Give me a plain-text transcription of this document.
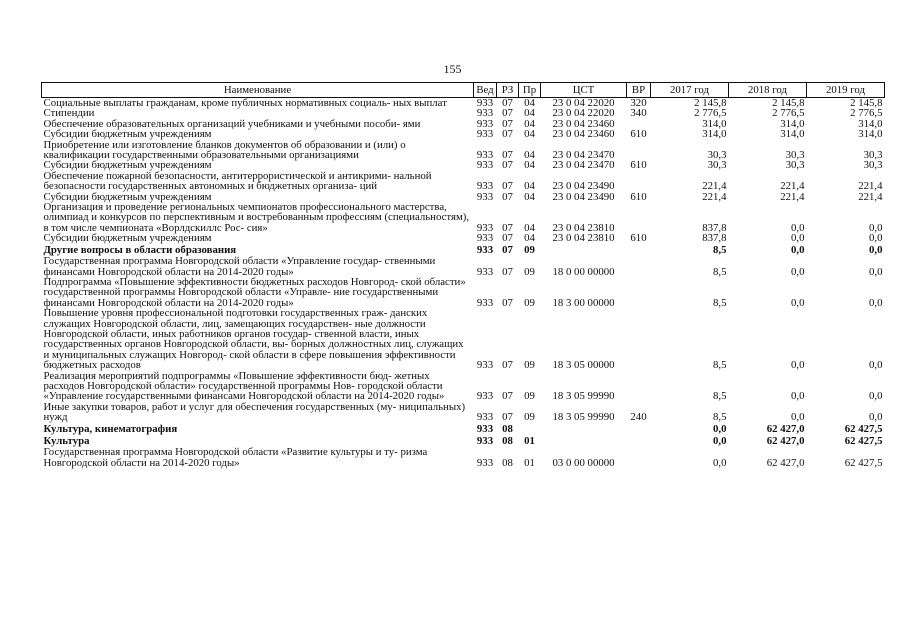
155
Наименование	Вед	РЗ	Пр	ЦСТ	ВР	2017 год	2018 год	2019 год
Социальные выплаты гражданам, кроме публичных нормативных социаль- ных выплат	933	07	04	23 0 04 22020	320	2 145,8	2 145,8	2 145,8
Стипендии	933	07	04	23 0 04 22020	340	2 776,5	2 776,5	2 776,5
Обеспечение образовательных организаций учебниками и учебными пособи- ями	933	07	04	23 0 04 23460		314,0	314,0	314,0
Субсидии бюджетным учреждениям	933	07	04	23 0 04 23460	610	314,0	314,0	314,0
Приобретение или изготовление бланков документов об образовании и (или) о квалификации государственными образовательными организациями	933	07	04	23 0 04 23470		30,3	30,3	30,3
Субсидии бюджетным учреждениям	933	07	04	23 0 04 23470	610	30,3	30,3	30,3
Обеспечение пожарной безопасности, антитеррористической и антикрими- нальной безопасности государственных автономных и бюджетных организа- ций	933	07	04	23 0 04 23490		221,4	221,4	221,4
Субсидии бюджетным учреждениям	933	07	04	23 0 04 23490	610	221,4	221,4	221,4
Организация и проведение региональных чемпионатов профессионального мастерства, олимпиад и конкурсов по перспективным и востребованным профессиям (специальностям), в том числе чемпионата «Ворлдскиллс Рос- сия»	933	07	04	23 0 04 23810		837,8	0,0	0,0
Субсидии бюджетным учреждениям	933	07	04	23 0 04 23810	610	837,8	0,0	0,0
Другие вопросы в области образования	933	07	09			8,5	0,0	0,0
Государственная программа Новгородской области «Управление государ- ственными финансами Новгородской области на 2014-2020 годы»	933	07	09	18 0 00 00000		8,5	0,0	0,0
Подпрограмма «Повышение эффективности бюджетных расходов Новгород- ской области» государственной программы Новгородской области «Управле- ние государственными финансами Новгородской области на 2014-2020 годы»	933	07	09	18 3 00 00000		8,5	0,0	0,0
Повышение уровня профессиональной подготовки государственных граж- данских служащих Новгородской области, лиц, замещающих государствен- ные должности Новгородской области, иных работников органов государ- ственной власти, иных государственных органов Новгородской области, вы- борных должностных лиц, служащих и муниципальных служащих Новгород- ской области в сфере повышения эффективности бюджетных расходов	933	07	09	18 3 05 00000		8,5	0,0	0,0
Реализация мероприятий подпрограммы «Повышение эффективности бюд- жетных расходов Новгородской области» государственной программы Нов- городской области «Управление государственными финансами Новгородской области на 2014-2020 годы»	933	07	09	18 3 05 99990		8,5	0,0	0,0
Иные закупки товаров, работ и услуг для обеспечения государственных (му- ниципальных) нужд	933	07	09	18 3 05 99990	240	8,5	0,0	0,0
Культура, кинематография	933	08				0,0	62 427,0	62 427,5
Культура	933	08	01			0,0	62 427,0	62 427,5
Государственная программа Новгородской области «Развитие культуры и ту- ризма Новгородской области на 2014-2020 годы»	933	08	01	03 0 00 00000		0,0	62 427,0	62 427,5
